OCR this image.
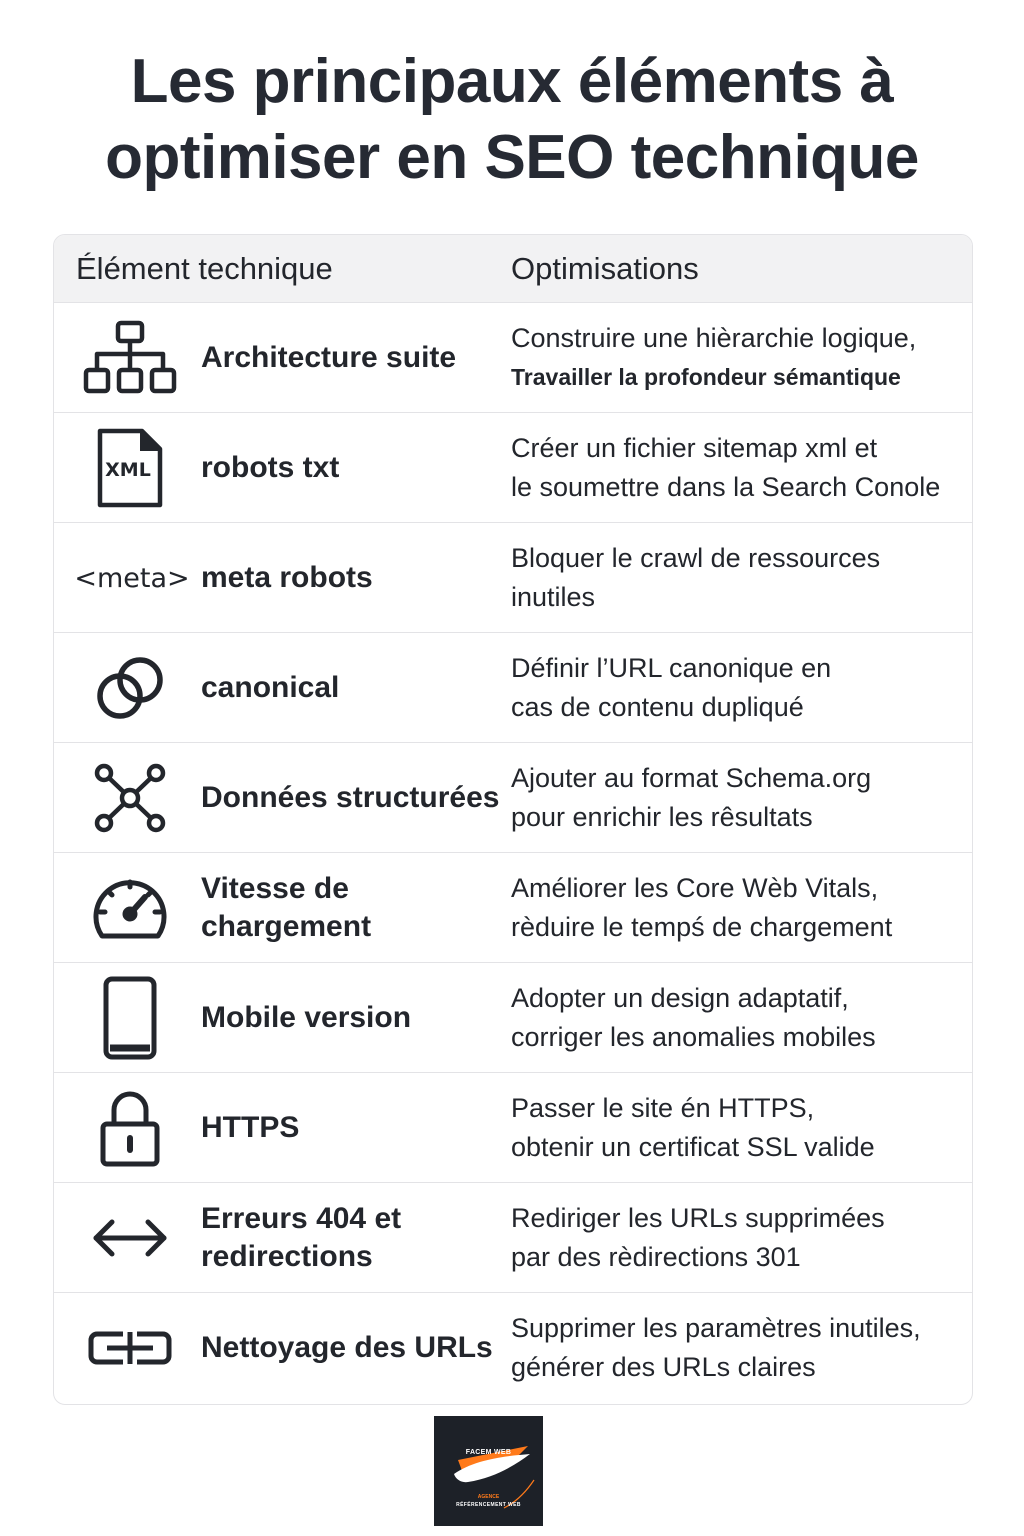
Les principaux éléments à
optimiser en SEO technique
Élément technique	Optimisations
Architecture suite
Construire une hièrarchie logique,
Travailler la profondeur sémantique
XML robots txt
Créer un fichier sitemap xml et
le soumettre dans la Search Conole
<meta> meta robots
Bloquer le crawl de ressources
inutiles
canonical
Définir l’URL canonique en
cas de contenu dupliqué
Données structurées
Ajouter au format Schema.org
pour enrichir les rêsultats
Vitesse de chargement
Améliorer les Core Wèb Vitals,
rèduire le tempś de chargement
Mobile version
Adopter un design adaptatif,
corriger les anomalies mobiles
HTTPS
Passer le site én HTTPS,
obtenir un certificat SSL valide
Erreurs 404 et redirections
Rediriger les URLs supprimées
par des rèdirections 301
Nettoyage des URLs
Supprimer les paramètres inutiles,
générer des URLs claires
FACEM WEB
AGENCE
RÉFÉRENCEMENT WEB
